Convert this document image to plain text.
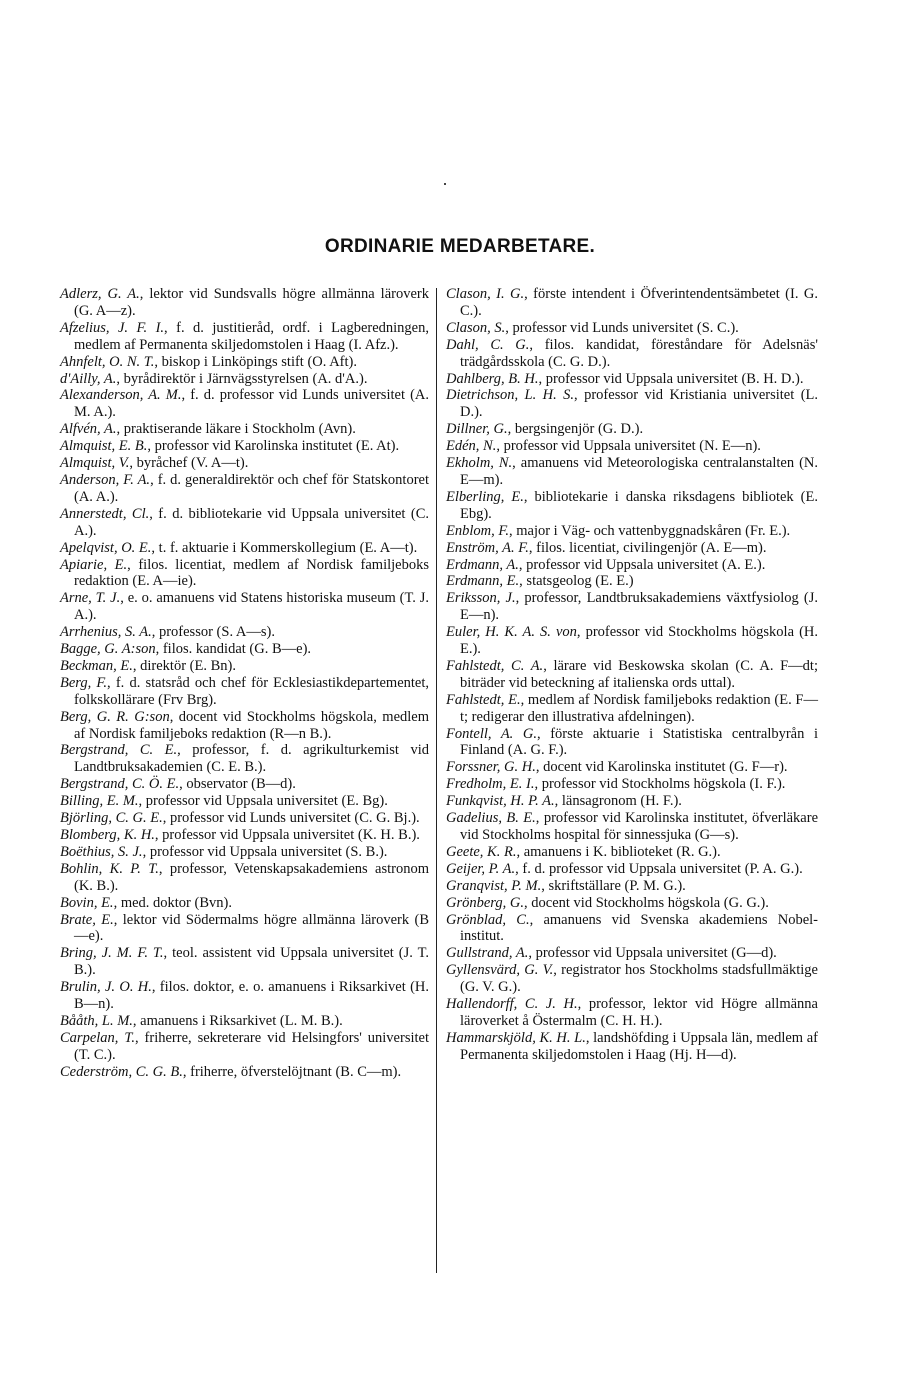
ORDINARIE MEDARBETARE.

Adlerz, G. A., lektor vid Sundsvalls högre allmänna läroverk (G. A—z).

Afzelius, J. F. I., f. d. justitieråd, ordf. i Lagberedningen, medlem af Permanenta skiljedomstolen i Haag (I. Afz.).

Ahnfelt, O. N. T., biskop i Linköpings stift (O. Aft).

d'Ailly, A., byrådirektör i Järnvägsstyrelsen (A. d'A.).

Alexanderson, A. M., f. d. professor vid Lunds universitet (A. M. A.).

Alfvén, A., praktiserande läkare i Stockholm (Avn).

Almquist, E. B., professor vid Karolinska institutet (E. At).

Almquist, V., byråchef (V. A—t).

Anderson, F. A., f. d. generaldirektör och chef för Statskontoret (A. A.).

Annerstedt, Cl., f. d. bibliotekarie vid Uppsala universitet (C. A.).

Apelqvist, O. E., t. f. aktuarie i Kommerskollegium (E. A—t).

Apiarie, E., filos. licentiat, medlem af Nordisk familjeboks redaktion (E. A—ie).

Arne, T. J., e. o. amanuens vid Statens historiska museum (T. J. A.).

Arrhenius, S. A., professor (S. A—s).

Bagge, G. A:son, filos. kandidat (G. B—e).

Beckman, E., direktör (E. Bn).

Berg, F., f. d. statsråd och chef för Ecklesiastikdepartementet, folkskollärare (Frv Brg).

Berg, G. R. G:son, docent vid Stockholms högskola, medlem af Nordisk familjeboks redaktion (R—n B.).

Bergstrand, C. E., professor, f. d. agrikulturkemist vid Landtbruksakademien (C. E. B.).

Bergstrand, C. Ö. E., observator (B—d).

Billing, E. M., professor vid Uppsala universitet (E. Bg).

Björling, C. G. E., professor vid Lunds universitet (C. G. Bj.).

Blomberg, K. H., professor vid Uppsala universitet (K. H. B.).

Boëthius, S. J., professor vid Uppsala universitet (S. B.).

Bohlin, K. P. T., professor, Vetenskapsakademiens astronom (K. B.).

Bovin, E., med. doktor (Bvn).

Brate, E., lektor vid Södermalms högre allmänna läroverk (B—e).

Bring, J. M. F. T., teol. assistent vid Uppsala universitet (J. T. B.).

Brulin, J. O. H., filos. doktor, e. o. amanuens i Riksarkivet (H. B—n).

Bååth, L. M., amanuens i Riksarkivet (L. M. B.).

Carpelan, T., friherre, sekreterare vid Helsingfors' universitet (T. C.).

Cederström, C. G. B., friherre, öfverstelöjtnant (B. C—m).

Clason, I. G., förste intendent i Öfverintendentsämbetet (I. G. C.).

Clason, S., professor vid Lunds universitet (S. C.).

Dahl, C. G., filos. kandidat, föreståndare för Adelsnäs' trädgårdsskola (C. G. D.).

Dahlberg, B. H., professor vid Uppsala universitet (B. H. D.).

Dietrichson, L. H. S., professor vid Kristiania universitet (L. D.).

Dillner, G., bergsingenjör (G. D.).

Edén, N., professor vid Uppsala universitet (N. E—n).

Ekholm, N., amanuens vid Meteorologiska centralanstalten (N. E—m).

Elberling, E., bibliotekarie i danska riksdagens bibliotek (E. Ebg).

Enblom, F., major i Väg- och vattenbyggnadskåren (Fr. E.).

Enström, A. F., filos. licentiat, civilingenjör (A. E—m).

Erdmann, A., professor vid Uppsala universitet (A. E.).

Erdmann, E., statsgeolog (E. E.)

Eriksson, J., professor, Landtbruksakademiens växtfysiolog (J. E—n).

Euler, H. K. A. S. von, professor vid Stockholms högskola (H. E.).

Fahlstedt, C. A., lärare vid Beskowska skolan (C. A. F—dt; biträder vid beteckning af italienska ords uttal).

Fahlstedt, E., medlem af Nordisk familjeboks redaktion (E. F—t; redigerar den illustrativa afdelningen).

Fontell, A. G., förste aktuarie i Statistiska centralbyrån i Finland (A. G. F.).

Forssner, G. H., docent vid Karolinska institutet (G. F—r).

Fredholm, E. I., professor vid Stockholms högskola (I. F.).

Funkqvist, H. P. A., länsagronom (H. F.).

Gadelius, B. E., professor vid Karolinska institutet, öfverläkare vid Stockholms hospital för sinnessjuka (G—s).

Geete, K. R., amanuens i K. biblioteket (R. G.).

Geijer, P. A., f. d. professor vid Uppsala universitet (P. A. G.).

Granqvist, P. M., skriftställare (P. M. G.).

Grönberg, G., docent vid Stockholms högskola (G. G.).

Grönblad, C., amanuens vid Svenska akademiens Nobel-institut.

Gullstrand, A., professor vid Uppsala universitet (G—d).

Gyllensvärd, G. V., registrator hos Stockholms stadsfullmäktige (G. V. G.).

Hallendorff, C. J. H., professor, lektor vid Högre allmänna läroverket å Östermalm (C. H. H.).

Hammarskjöld, K. H. L., landshöfding i Uppsala län, medlem af Permanenta skiljedomstolen i Haag (Hj. H—d).
